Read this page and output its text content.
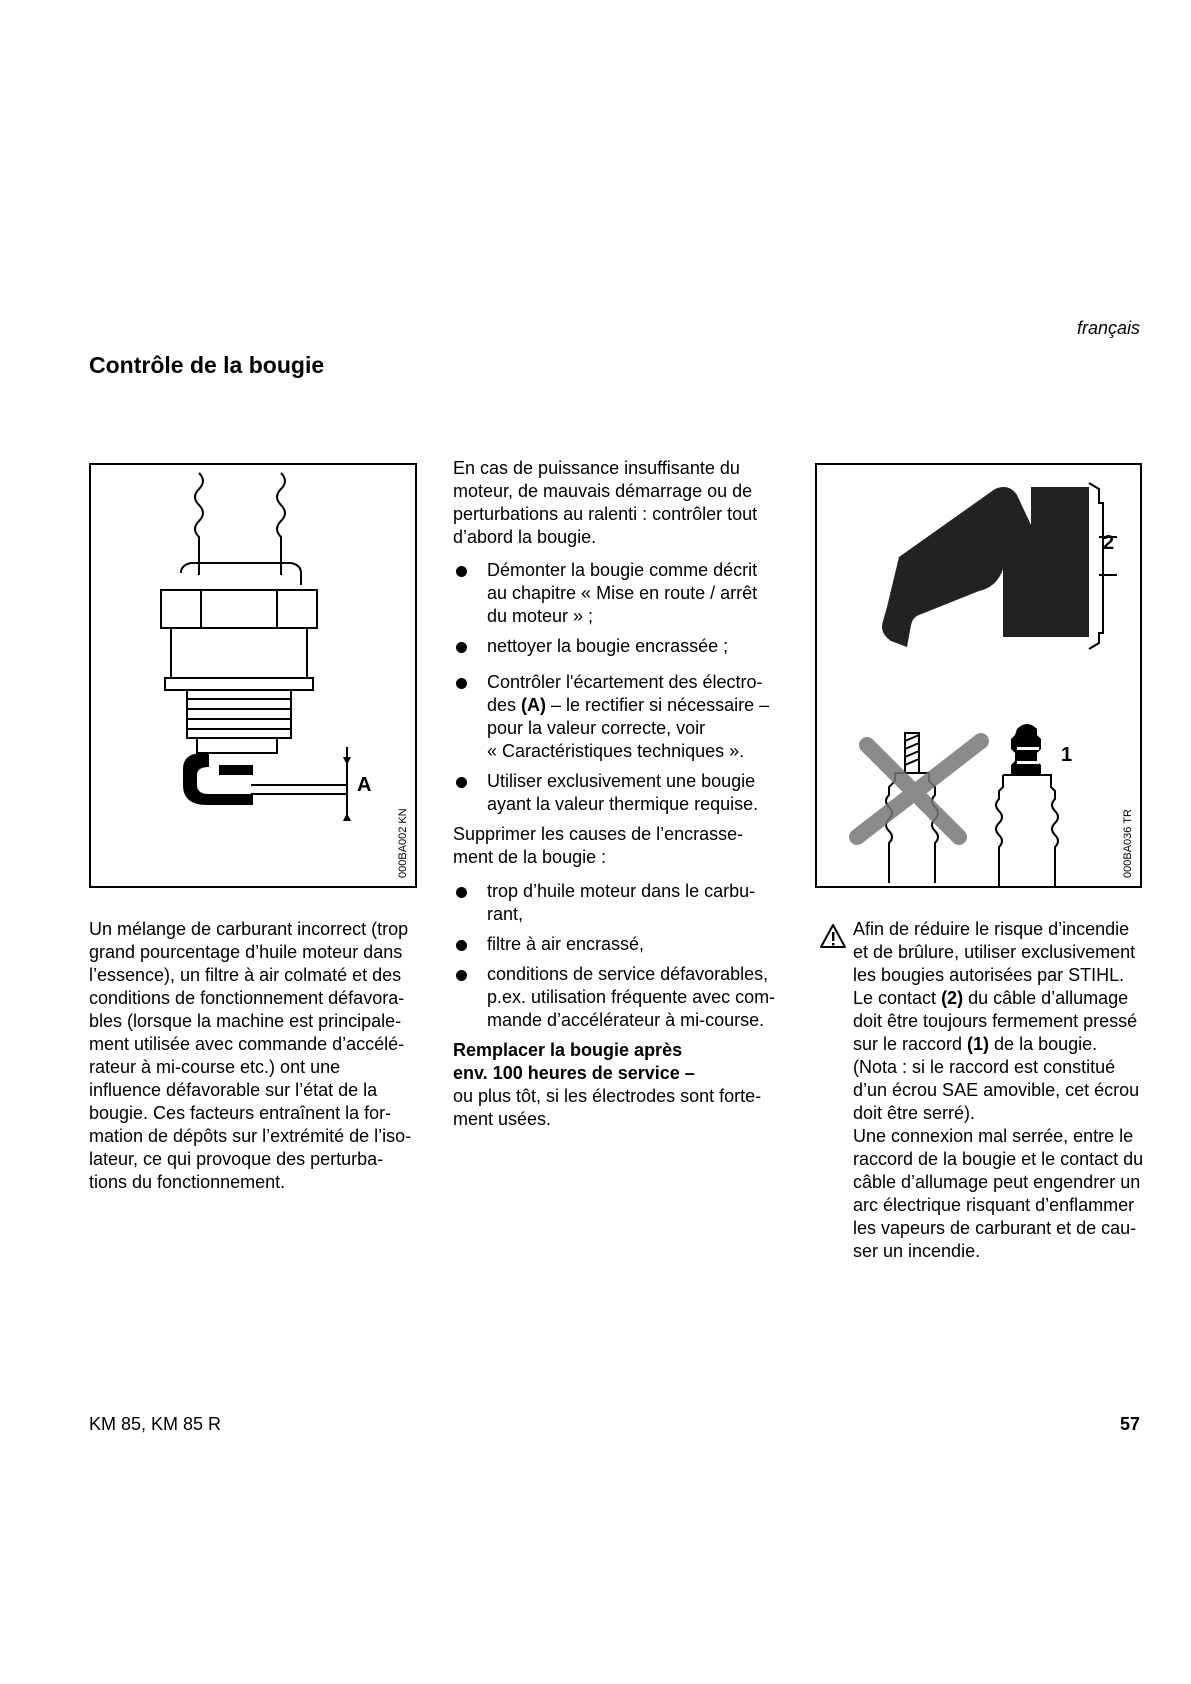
français
Contrôle de la bougie
A
000BA002 KN
Un mélange de carburant incorrect (trop
grand pourcentage d’huile moteur dans
l’essence), un filtre à air colmaté et des
conditions de fonctionnement défavora-
bles (lorsque la machine est principale-
ment utilisée avec commande d’accélé-
rateur à mi-course etc.) ont une
influence défavorable sur l’état de la
bougie. Ces facteurs entraînent la for-
mation de dépôts sur l’extrémité de l’iso-
lateur, ce qui provoque des perturba-
tions du fonctionnement.
En cas de puissance insuffisante du
moteur, de mauvais démarrage ou de
perturbations au ralenti : contrôler tout
d’abord la bougie.
Démonter la bougie comme décrit
au chapitre « Mise en route / arrêt
du moteur » ;
nettoyer la bougie encrassée ;
Contrôler l'écartement des électro-
des (A) – le rectifier si nécessaire –
pour la valeur correcte, voir
« Caractéristiques techniques ».
Utiliser exclusivement une bougie
ayant la valeur thermique requise.
Supprimer les causes de l’encrasse-
ment de la bougie :
trop d’huile moteur dans le carbu-
rant,
filtre à air encrassé,
conditions de service défavorables,
p.ex. utilisation fréquente avec com-
mande d’accélérateur à mi-course.
Remplacer la bougie après
env. 100 heures de service –
ou plus tôt, si les électrodes sont forte-
ment usées.
2
1
000BA036 TR
Afin de réduire le risque d’incendie
et de brûlure, utiliser exclusivement
les bougies autorisées par STIHL.
Le contact (2) du câble d’allumage
doit être toujours fermement pressé
sur le raccord (1) de la bougie.
(Nota : si le raccord est constitué
d’un écrou SAE amovible, cet écrou
doit être serré).
Une connexion mal serrée, entre le
raccord de la bougie et le contact du
câble d’allumage peut engendrer un
arc électrique risquant d’enflammer
les vapeurs de carburant et de cau-
ser un incendie.
KM 85, KM 85 R	57
